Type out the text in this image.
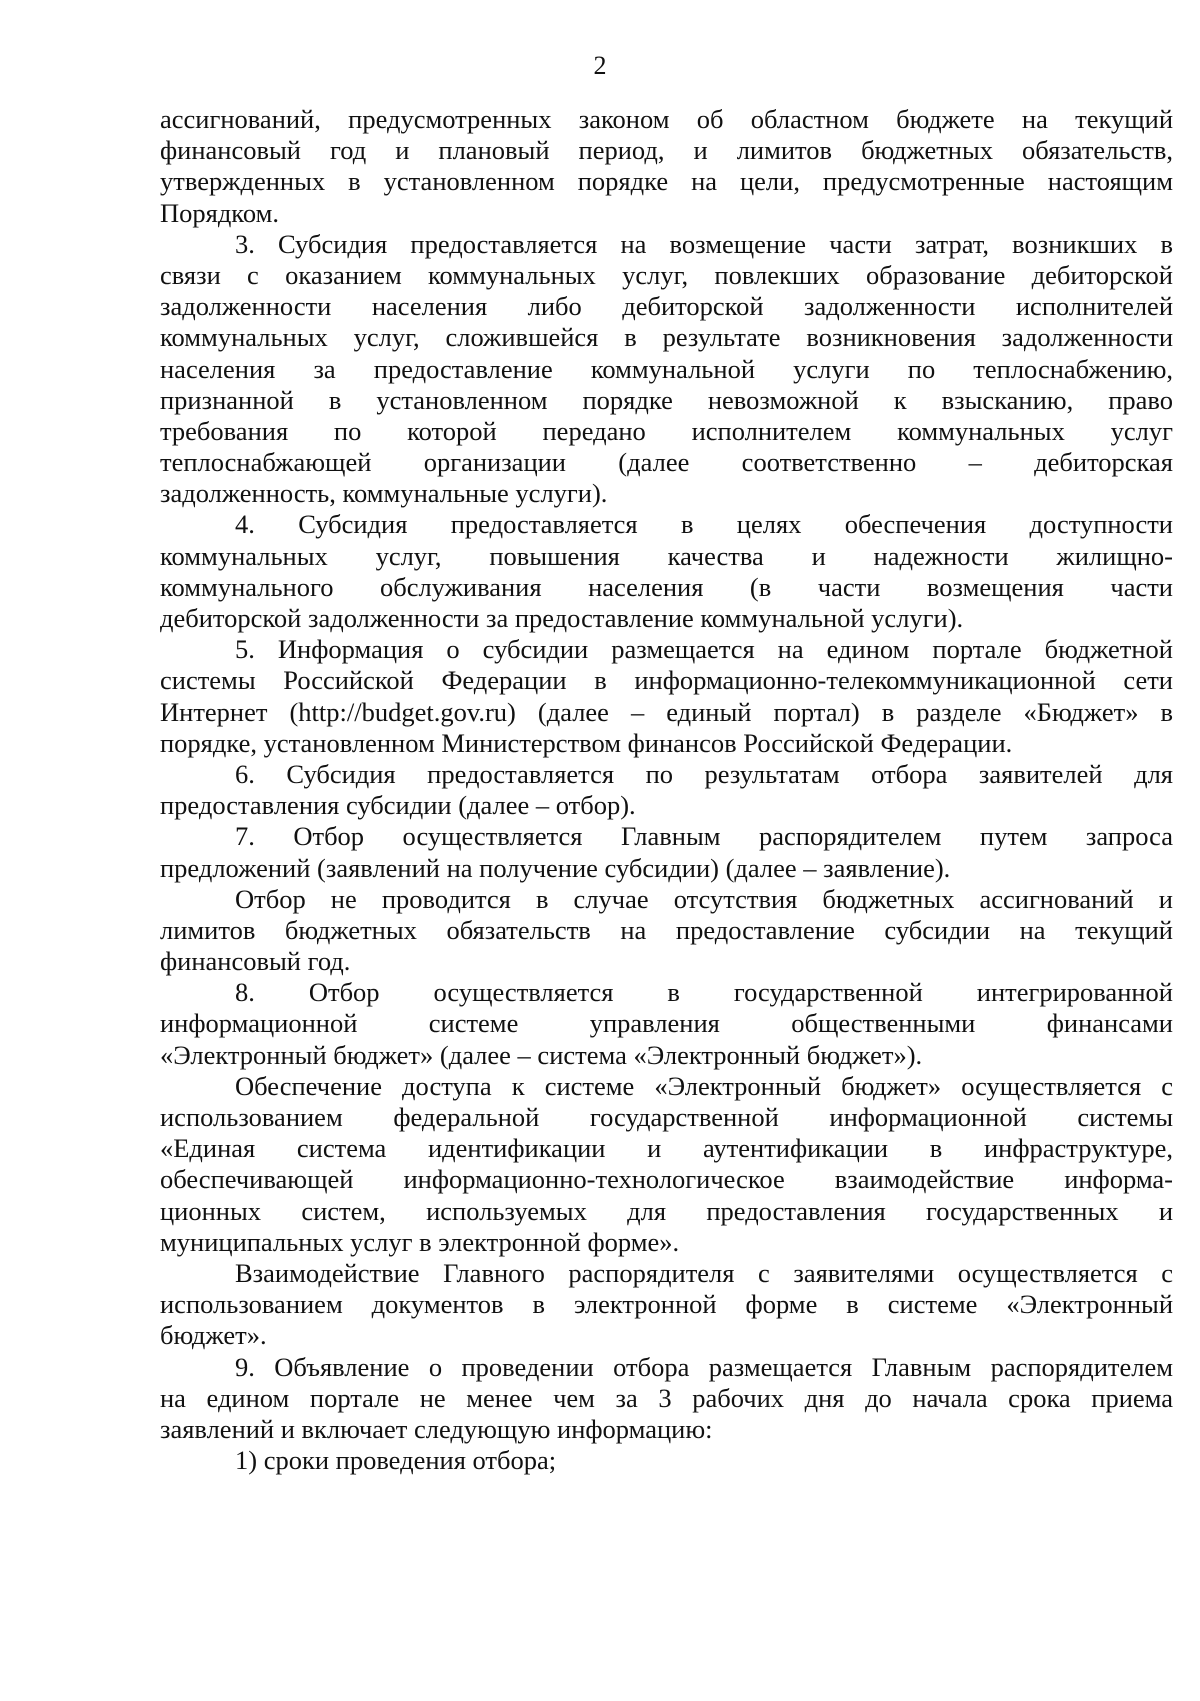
2
ассигнований, предусмотренных законом об областном бюджете на текущий
финансовый год и плановый период, и лимитов бюджетных обязательств,
утвержденных в установленном порядке на цели, предусмотренные настоящим
Порядком.
3. Субсидия предоставляется на возмещение части затрат, возникших в
связи с оказанием коммунальных услуг, повлекших образование дебиторской
задолженности населения либо дебиторской задолженности исполнителей
коммунальных услуг, сложившейся в результате возникновения задолженности
населения за предоставление коммунальной услуги по теплоснабжению,
признанной в установленном порядке невозможной к взысканию, право
требования по которой передано исполнителем коммунальных услуг
теплоснабжающей организации (далее соответственно – дебиторская
задолженность, коммунальные услуги).
4. Субсидия предоставляется в целях обеспечения доступности
коммунальных услуг, повышения качества и надежности жилищно-
коммунального обслуживания населения (в части возмещения части
дебиторской задолженности за предоставление коммунальной услуги).
5. Информация о субсидии размещается на едином портале бюджетной
системы Российской Федерации в информационно-телекоммуникационной сети
Интернет (http://budget.gov.ru) (далее – единый портал) в разделе «Бюджет» в
порядке, установленном Министерством финансов Российской Федерации.
6. Субсидия предоставляется по результатам отбора заявителей для
предоставления субсидии (далее – отбор).
7. Отбор осуществляется Главным распорядителем путем запроса
предложений (заявлений на получение субсидии) (далее – заявление).
Отбор не проводится в случае отсутствия бюджетных ассигнований и
лимитов бюджетных обязательств на предоставление субсидии на текущий
финансовый год.
8. Отбор осуществляется в государственной интегрированной
информационной системе управления общественными финансами
«Электронный бюджет» (далее – система «Электронный бюджет»).
Обеспечение доступа к системе «Электронный бюджет» осуществляется с
использованием федеральной государственной информационной системы
«Единая система идентификации и аутентификации в инфраструктуре,
обеспечивающей информационно-технологическое взаимодействие информа-
ционных систем, используемых для предоставления государственных и
муниципальных услуг в электронной форме».
Взаимодействие Главного распорядителя с заявителями осуществляется с
использованием документов в электронной форме в системе «Электронный
бюджет».
9. Объявление о проведении отбора размещается Главным распорядителем
на едином портале не менее чем за 3 рабочих дня до начала срока приема
заявлений и включает следующую информацию:
1) сроки проведения отбора;
